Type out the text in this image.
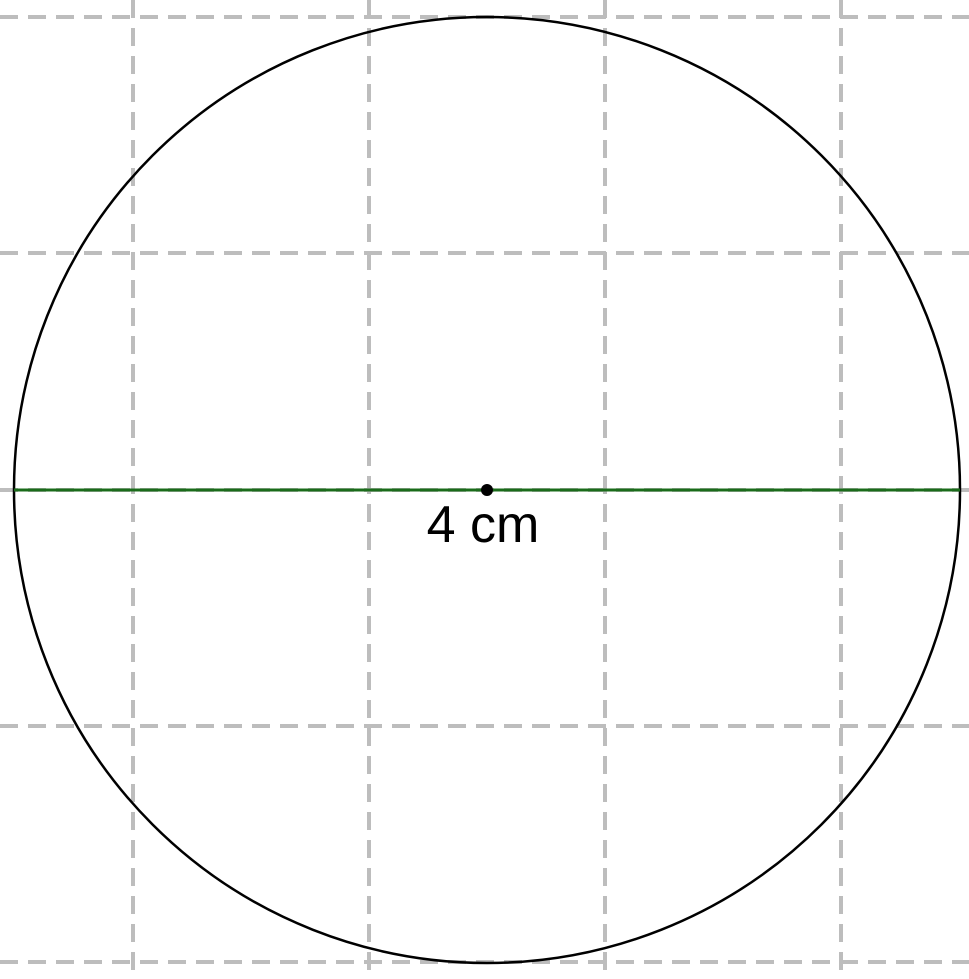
4 cm
